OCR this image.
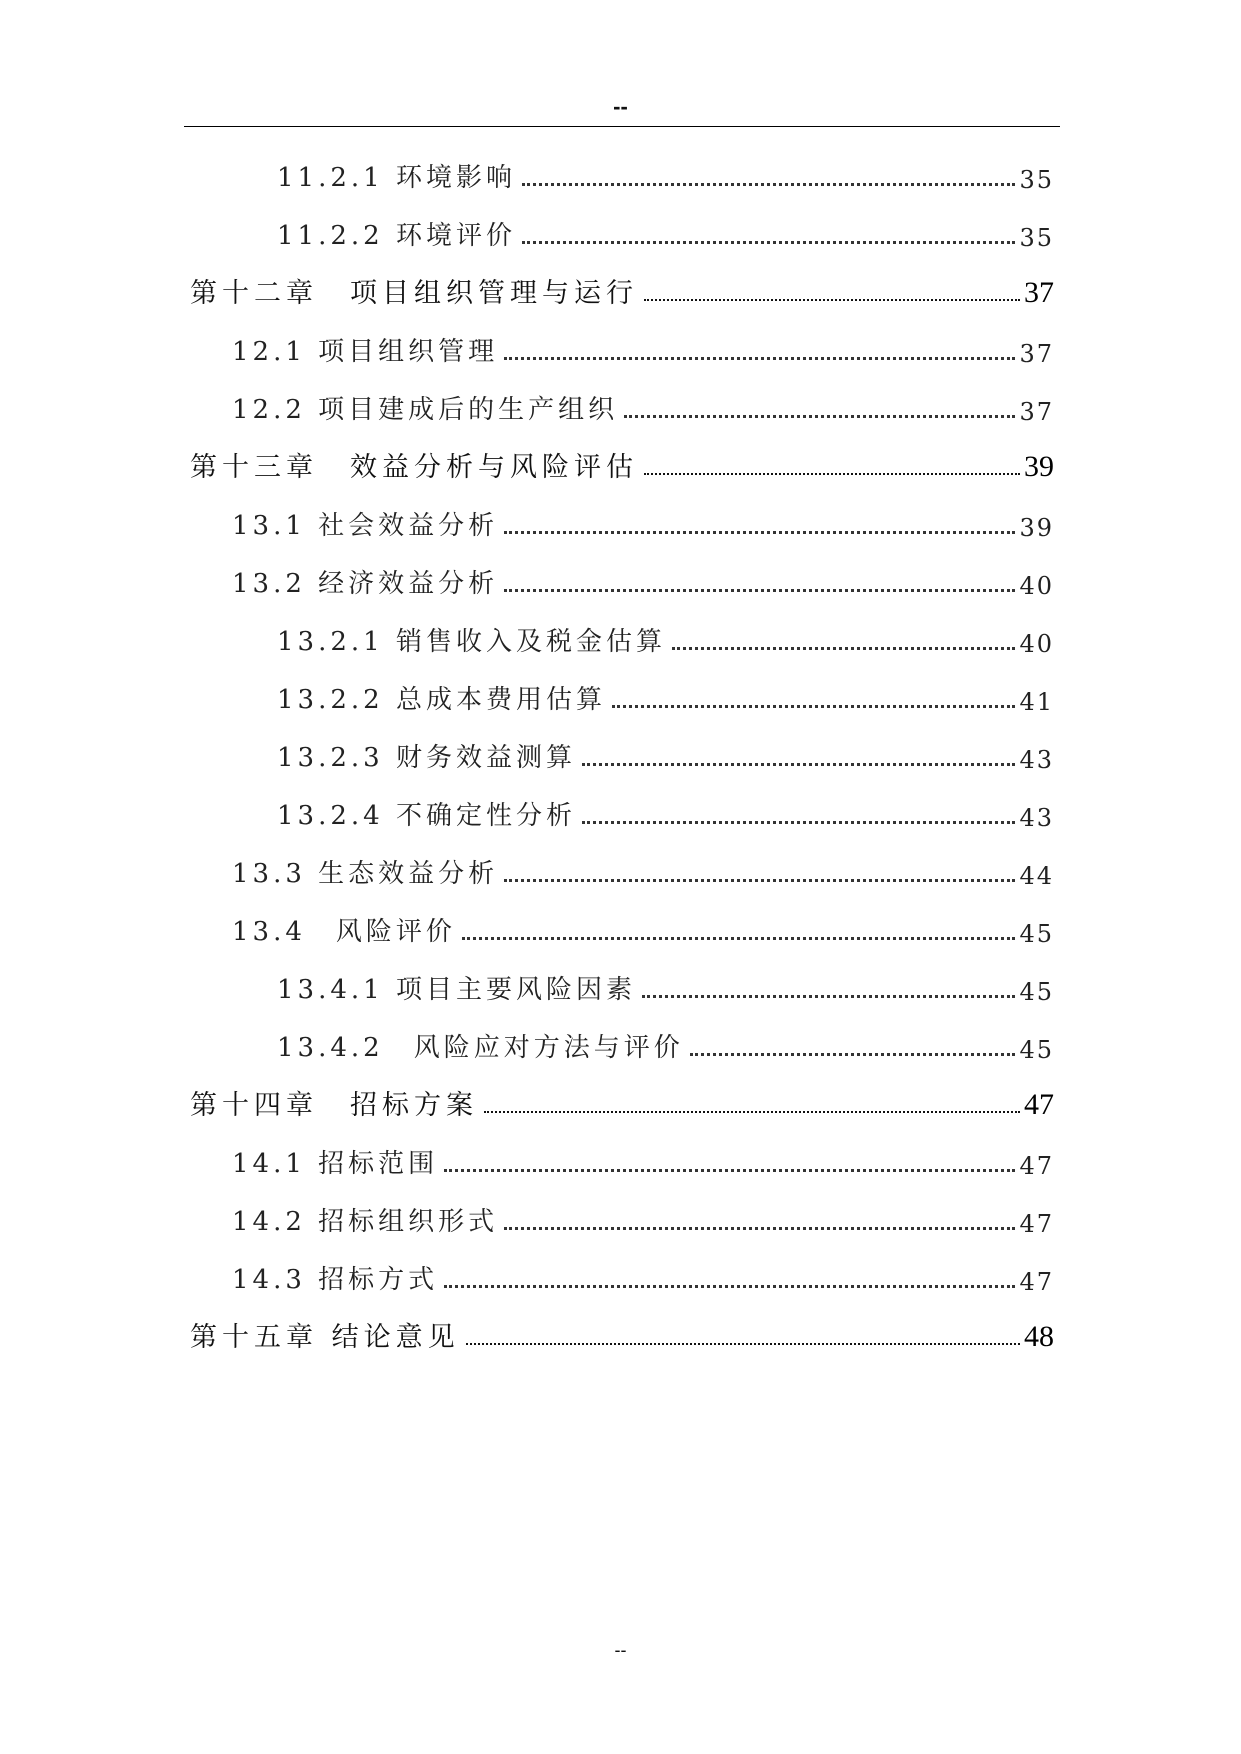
--
11.2.1 环境影响	35
11.2.2 环境评价	35
第十二章　项目组织管理与运行	37
12.1 项目组织管理	37
12.2 项目建成后的生产组织	37
第十三章　效益分析与风险评估	39
13.1 社会效益分析	39
13.2 经济效益分析	40
13.2.1 销售收入及税金估算	40
13.2.2 总成本费用估算	41
13.2.3 财务效益测算	43
13.2.4 不确定性分析	43
13.3 生态效益分析	44
13.4　风险评价	45
13.4.1 项目主要风险因素	45
13.4.2　风险应对方法与评价	45
第十四章　招标方案	47
14.1 招标范围	47
14.2 招标组织形式	47
14.3 招标方式	47
第十五章 结论意见	48
--
